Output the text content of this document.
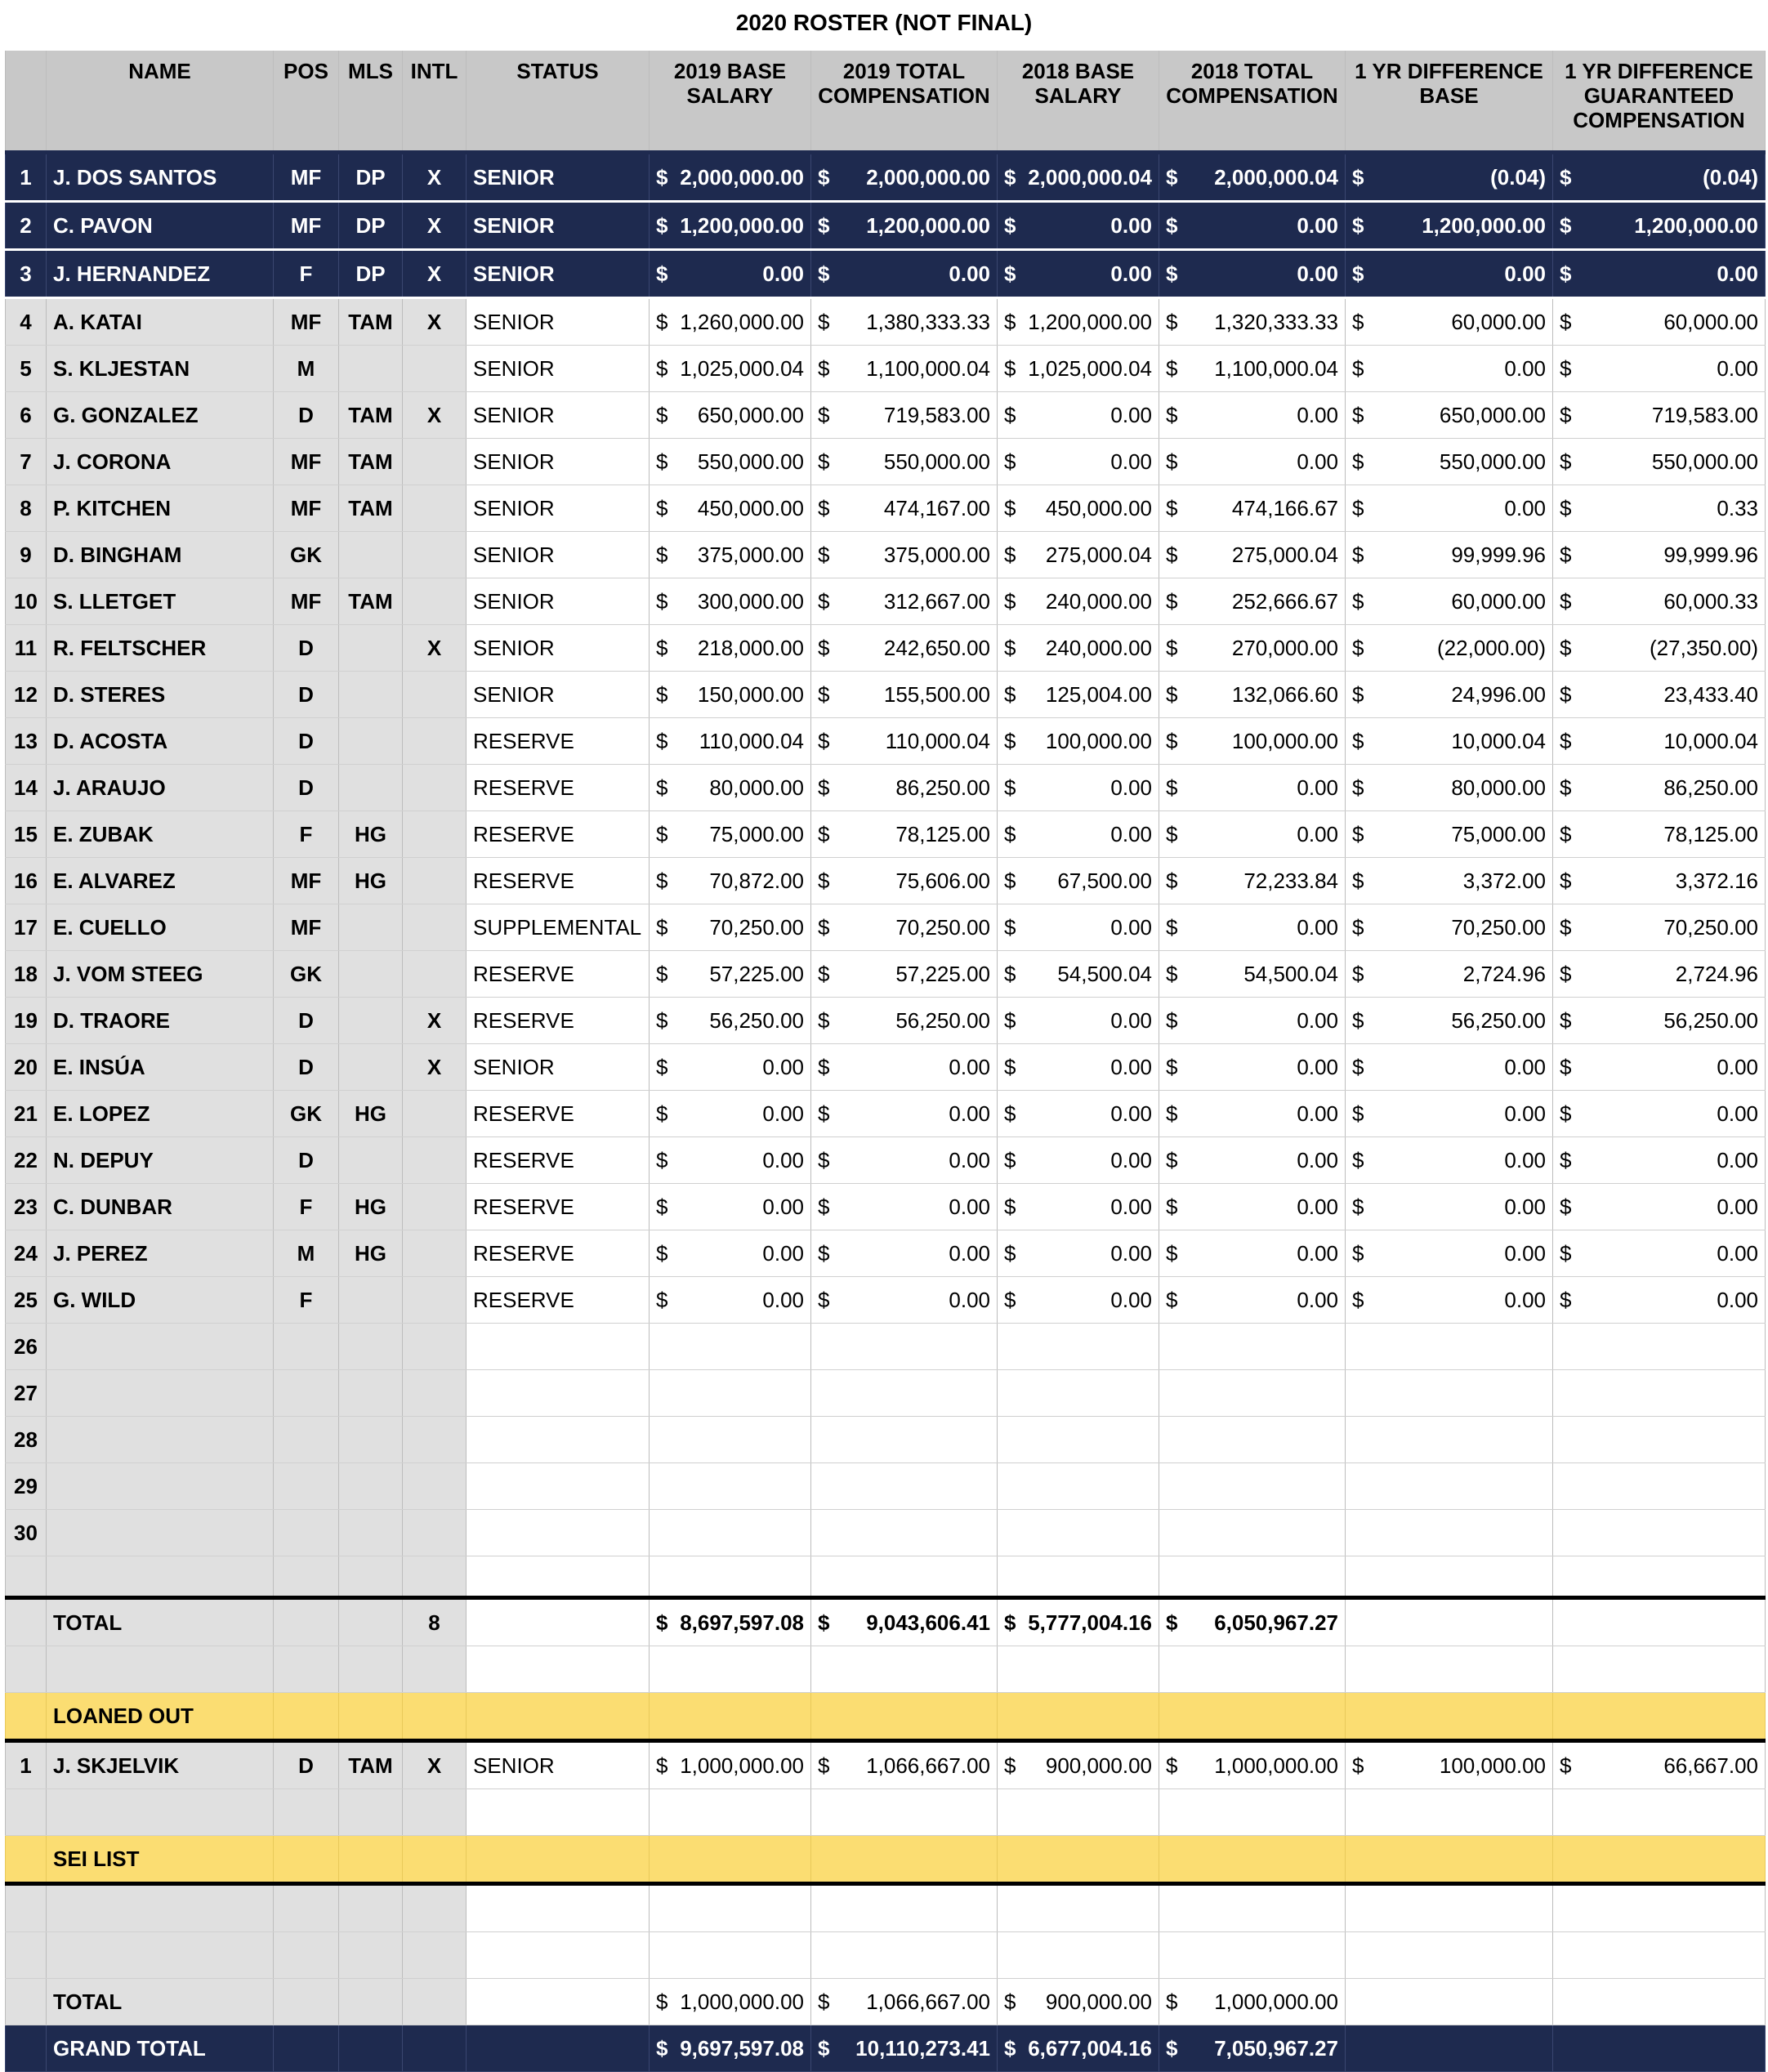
2020 ROSTER (NOT FINAL)
	NAME	POS	MLS	INTL	STATUS	2019 BASE SALARY	2019 TOTAL COMPENSATION	2018 BASE SALARY	2018 TOTAL COMPENSATION	1 YR DIFFERENCE BASE	1 YR DIFFERENCE GUARANTEED COMPENSATION
1	J. DOS SANTOS	MF	DP	X	SENIOR	$ 2,000,000.00	$ 2,000,000.00	$ 2,000,000.04	$ 2,000,000.04	$ (0.04)	$ (0.04)

2	C. PAVON	MF	DP	X	SENIOR	$ 1,200,000.00	$ 1,200,000.00	$ 0.00	$ 0.00	$ 1,200,000.00	$ 1,200,000.00

3	J. HERNANDEZ	F	DP	X	SENIOR	$ 0.00	$ 0.00	$ 0.00	$ 0.00	$ 0.00	$ 0.00

4	A. KATAI	MF	TAM	X	SENIOR	$ 1,260,000.00	$ 1,380,333.33	$ 1,200,000.00	$ 1,320,333.33	$ 60,000.00	$ 60,000.00

5	S. KLJESTAN	M			SENIOR	$ 1,025,000.04	$ 1,100,000.04	$ 1,025,000.04	$ 1,100,000.04	$ 0.00	$ 0.00

6	G. GONZALEZ	D	TAM	X	SENIOR	$ 650,000.00	$ 719,583.00	$ 0.00	$ 0.00	$ 650,000.00	$ 719,583.00

7	J. CORONA	MF	TAM		SENIOR	$ 550,000.00	$ 550,000.00	$ 0.00	$ 0.00	$ 550,000.00	$ 550,000.00

8	P. KITCHEN	MF	TAM		SENIOR	$ 450,000.00	$ 474,167.00	$ 450,000.00	$ 474,166.67	$ 0.00	$ 0.33

9	D. BINGHAM	GK			SENIOR	$ 375,000.00	$ 375,000.00	$ 275,000.04	$ 275,000.04	$ 99,999.96	$ 99,999.96

10	S. LLETGET	MF	TAM		SENIOR	$ 300,000.00	$ 312,667.00	$ 240,000.00	$ 252,666.67	$ 60,000.00	$ 60,000.33

11	R. FELTSCHER	D		X	SENIOR	$ 218,000.00	$ 242,650.00	$ 240,000.00	$ 270,000.00	$ (22,000.00)	$ (27,350.00)

12	D. STERES	D			SENIOR	$ 150,000.00	$ 155,500.00	$ 125,004.00	$ 132,066.60	$ 24,996.00	$ 23,433.40

13	D. ACOSTA	D			RESERVE	$ 110,000.04	$ 110,000.04	$ 100,000.00	$ 100,000.00	$ 10,000.04	$ 10,000.04

14	J. ARAUJO	D			RESERVE	$ 80,000.00	$ 86,250.00	$ 0.00	$ 0.00	$ 80,000.00	$ 86,250.00

15	E. ZUBAK	F	HG		RESERVE	$ 75,000.00	$ 78,125.00	$ 0.00	$ 0.00	$ 75,000.00	$ 78,125.00

16	E. ALVAREZ	MF	HG		RESERVE	$ 70,872.00	$ 75,606.00	$ 67,500.00	$ 72,233.84	$ 3,372.00	$ 3,372.16

17	E. CUELLO	MF			SUPPLEMENTAL	$ 70,250.00	$ 70,250.00	$ 0.00	$ 0.00	$ 70,250.00	$ 70,250.00

18	J. VOM STEEG	GK			RESERVE	$ 57,225.00	$ 57,225.00	$ 54,500.04	$ 54,500.04	$ 2,724.96	$ 2,724.96

19	D. TRAORE	D		X	RESERVE	$ 56,250.00	$ 56,250.00	$ 0.00	$ 0.00	$ 56,250.00	$ 56,250.00

20	E. INSÚA	D		X	SENIOR	$ 0.00	$ 0.00	$ 0.00	$ 0.00	$ 0.00	$ 0.00

21	E. LOPEZ	GK	HG		RESERVE	$ 0.00	$ 0.00	$ 0.00	$ 0.00	$ 0.00	$ 0.00

22	N. DEPUY	D			RESERVE	$ 0.00	$ 0.00	$ 0.00	$ 0.00	$ 0.00	$ 0.00

23	C. DUNBAR	F	HG		RESERVE	$ 0.00	$ 0.00	$ 0.00	$ 0.00	$ 0.00	$ 0.00

24	J. PEREZ	M	HG		RESERVE	$ 0.00	$ 0.00	$ 0.00	$ 0.00	$ 0.00	$ 0.00

25	G. WILD	F			RESERVE	$ 0.00	$ 0.00	$ 0.00	$ 0.00	$ 0.00	$ 0.00

26											
27											
28											
29											
30											

	TOTAL			8		$ 8,697,597.08	$ 9,043,606.41	$ 5,777,004.16	$ 6,050,967.27		

	LOANED OUT										
1	J. SKJELVIK	D	TAM	X	SENIOR	$ 1,000,000.00	$ 1,066,667.00	$ 900,000.00	$ 1,000,000.00	$ 100,000.00	$ 66,667.00

	SEI LIST										

	TOTAL					$ 1,000,000.00	$ 1,066,667.00	$ 900,000.00	$ 1,000,000.00		

	GRAND TOTAL					$ 9,697,597.08	$ 10,110,273.41	$ 6,677,004.16	$ 7,050,967.27		
